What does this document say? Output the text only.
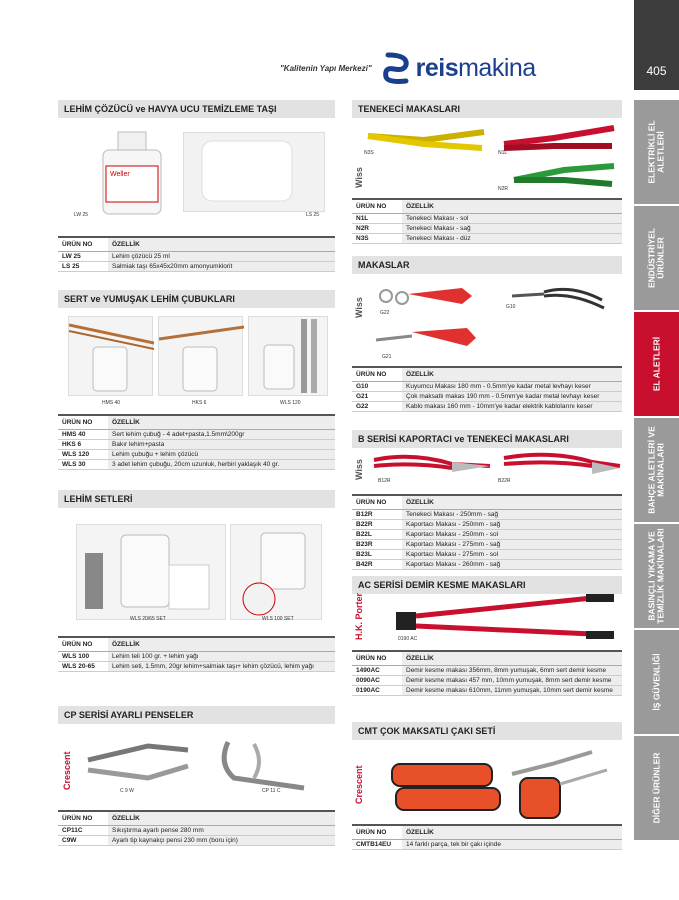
"Kalitenin Yapı Merkezi" reismakina	405
ELEKTRİKLİ EL ALETLERİ
ENDÜSTRİYEL ÜRÜNLER
EL ALETLERİ
BAHÇE ALETLERİ VE MAKİNALARI
BASINÇLI YIKAMA VE TEMİZLİK MAKİNALARI
İŞ GÜVENLİĞİ
DİĞER ÜRÜNLER
LEHİM ÇÖZÜCÜ ve HAVYA UCU TEMİZLEME TAŞI
Weller
LW 25	LS 25
ÜRÜN NO	ÖZELLİK
LW 25	Lehim çözücü 25 ml
LS 25	Salmiak taşı 65x45x20mm amonyumklorit
SERT ve YUMUŞAK LEHİM ÇUBUKLARI
HMS 40	HKS 6	WLS 120
ÜRÜN NO	ÖZELLİK
HMS 40	Sert lehim çubuğ - 4 adet+pasta,1.5mm\200gr
HKS 6	Bakır lehim+pasta
WLS 120	Lehim çubuğu + lehim çözücü
WLS 30	3 adet lehim çubuğu, 20cm uzunluk, herbiri yaklaşık 40 gr.
LEHİM SETLERİ
WLS 20/65 SET	WLS 100 SET
ÜRÜN NO	ÖZELLİK
WLS 100	Lehim teli 100 gr. + lehim yağı
WLS 20-65	Lehim seti, 1.5mm, 20gr lehim+salmiak taşı+ lehim çözücü, lehim yağı
CP SERİSİ AYARLI PENSELER
Crescent
C 9 W	CP 11 C
ÜRÜN NO	ÖZELLİK
CP11C	Sıkıştırma ayarlı pense 280 mm
C9W	Ayarlı tip kaynakçı pensi 230 mm (boru için)
TENEKECİ MAKASLARI
Wiss
N3S	N1L
N2R
ÜRÜN NO	ÖZELLİK
N1L	Tenekeci Makası - sol
N2R	Tenekeci Makası - sağ
N3S	Tenekeci Makası - düz
MAKASLAR
Wiss	G22
G10
G21
ÜRÜN NO	ÖZELLİK
G10	Kuyumcu Makası 180 mm - 0.5mm'ye kadar metal levhayı keser
G21	Çok maksatlı makas 190 mm - 0.5mm'ye kadar metal levhayı keser
G22	Kablo makası 160 mm - 10mm'ye kadar elektrik kablolarını keser
B SERİSİ KAPORTACI ve TENEKECİ MAKASLARI
Wiss
B12R	B22R
ÜRÜN NO	ÖZELLİK
B12R	Tenekeci Makası - 250mm - sağ
B22R	Kaportacı Makası - 250mm - sağ
B22L	Kaportacı Makası - 250mm - sol
B23R	Kaportacı Makası - 275mm - sağ
B23L	Kaportacı Makası - 275mm - sol
B42R	Kaportacı Makası - 260mm - sağ
AC SERİSİ DEMİR KESME MAKASLARI
H.K. Porter	0190 AC
ÜRÜN NO	ÖZELLİK
1490AC	Demir kesme makası 356mm, 8mm yumuşak, 6mm sert demir kesme
0090AC	Demir kesme makası 457 mm, 10mm yumuşak, 8mm sert demir kesme
0190AC	Demir kesme makası 610mm, 11mm yumuşak, 10mm sert demir kesme
CMT ÇOK MAKSATLI ÇAKI SETİ
Crescent
ÜRÜN NO	ÖZELLİK
CMTB14EU	14 farklı parça, tek bir çakı içinde
